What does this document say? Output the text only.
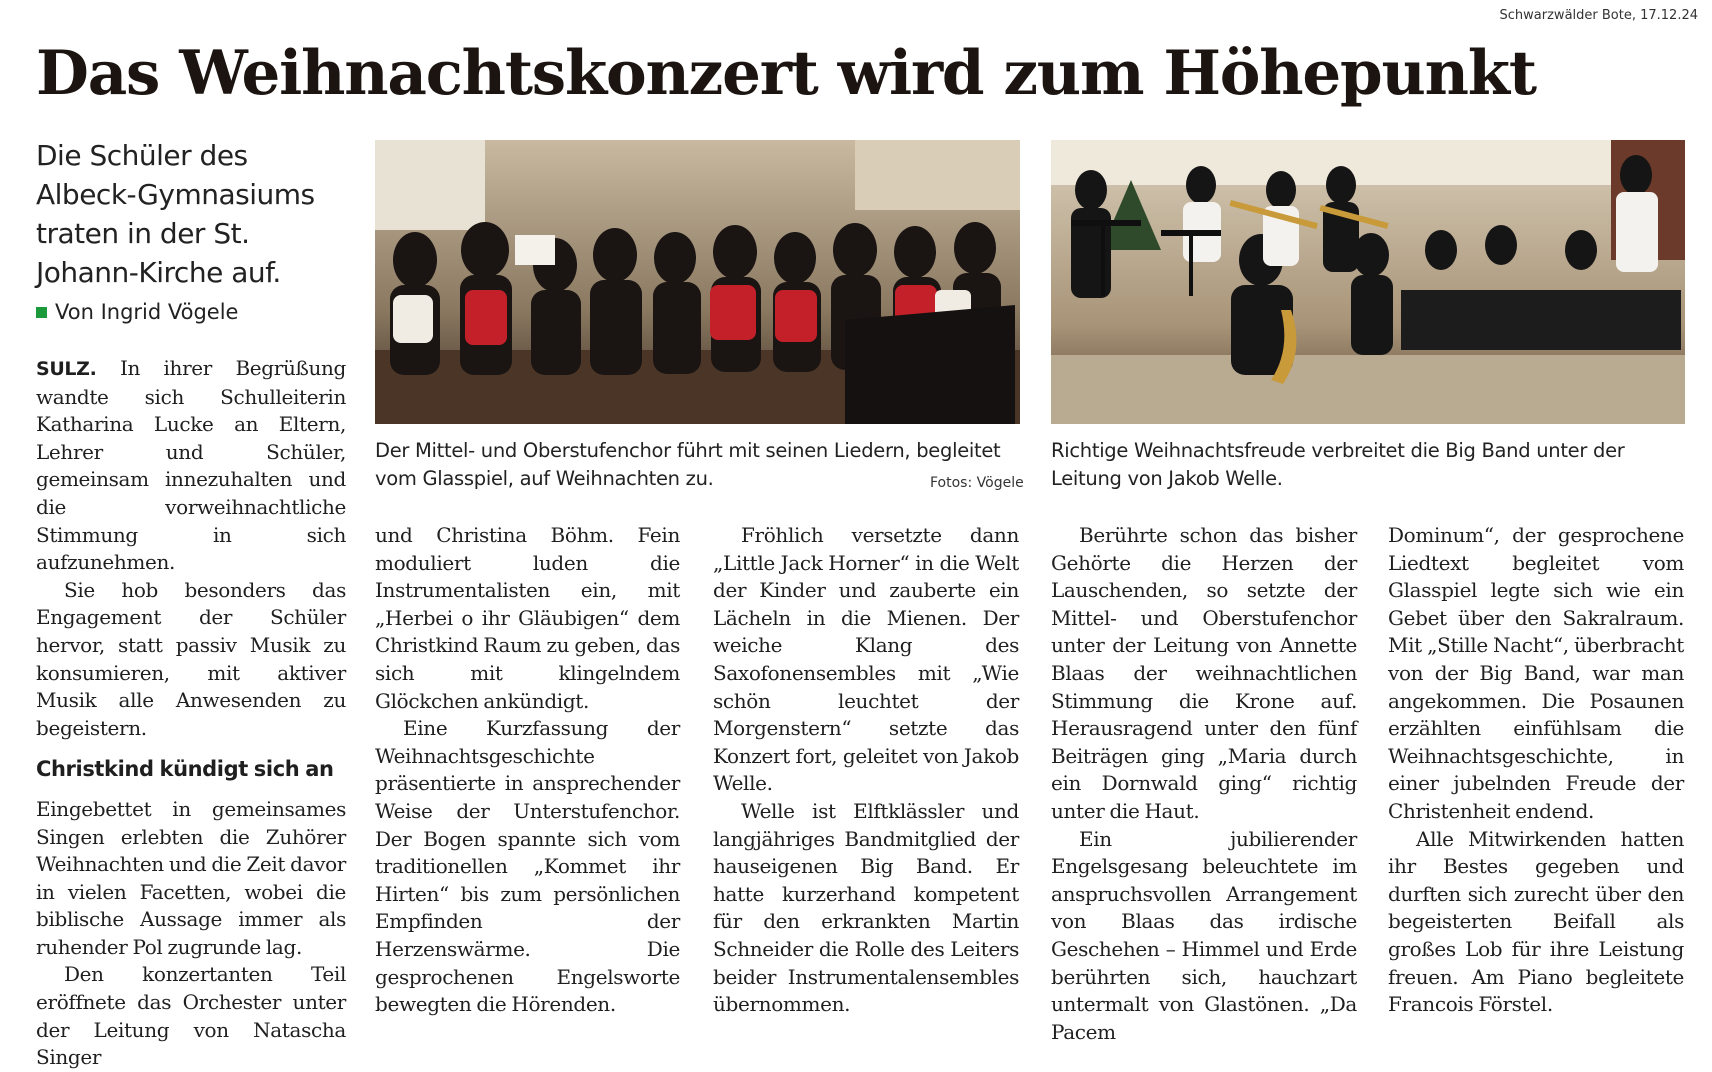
Schwarzwälder Bote, 17.12.24
Das Weihnachtskonzert wird zum Höhepunkt
Die Schüler des Albeck-Gymnasiums traten in der St. Johann-Kirche auf.
Von Ingrid Vögele

SULZ. In ihrer Begrüßung wandte sich Schulleiterin Katharina Lucke an Eltern, Lehrer und Schüler, gemeinsam innezuhalten und die vorweihnachtliche Stimmung in sich aufzunehmen.

Sie hob besonders das Engagement der Schüler hervor, statt passiv Musik zu konsumieren, mit aktiver Musik alle Anwesenden zu begeistern.

Christkind kündigt sich an

Eingebettet in gemeinsames Singen erlebten die Zuhörer Weihnachten und die Zeit davor in vielen Facetten, wobei die biblische Aussage immer als ruhender Pol zugrunde lag.

Den konzertanten Teil eröffnete das Orchester unter der Leitung von Natascha Singer

Der Mittel- und Oberstufenchor führt mit seinen Liedern, begleitet vom Glasspiel, auf Weihnachten zu.	Fotos: Vögele
Richtige Weihnachtsfreude verbreitet die Big Band unter der Leitung von Jakob Welle.

und Christina Böhm. Fein moduliert luden die Instrumentalisten ein, mit „Herbei o ihr Gläubigen“ dem Christkind Raum zu geben, das sich mit klingelndem Glöckchen ankündigt.

Eine Kurzfassung der Weihnachtsgeschichte präsentierte in ansprechender Weise der Unterstufenchor. Der Bogen spannte sich vom traditionellen „Kommet ihr Hirten“ bis zum persönlichen Empfinden der Herzenswärme. Die gesprochenen Engelsworte bewegten die Hörenden.

Fröhlich versetzte dann „Little Jack Horner“ in die Welt der Kinder und zauberte ein Lächeln in die Mienen. Der weiche Klang des Saxofonensembles mit „Wie schön leuchtet der Morgenstern“ setzte das Konzert fort, geleitet von Jakob Welle.

Welle ist Elftklässler und langjähriges Bandmitglied der hauseigenen Big Band. Er hatte kurzerhand kompetent für den erkrankten Martin Schneider die Rolle des Leiters beider Instrumentalensembles übernommen.

Berührte schon das bisher Gehörte die Herzen der Lauschenden, so setzte der Mittel- und Oberstufenchor unter der Leitung von Annette Blaas der weihnachtlichen Stimmung die Krone auf. Herausragend unter den fünf Beiträgen ging „Maria durch ein Dornwald ging“ richtig unter die Haut.

Ein jubilierender Engelsgesang beleuchtete im anspruchsvollen Arrangement von Blaas das irdische Geschehen – Himmel und Erde berührten sich, hauchzart untermalt von Glastönen. „Da Pacem

Dominum“, der gesprochene Liedtext begleitet vom Glasspiel legte sich wie ein Gebet über den Sakralraum. Mit „Stille Nacht“, überbracht von der Big Band, war man angekommen. Die Posaunen erzählten einfühlsam die Weihnachtsgeschichte, in einer jubelnden Freude der Christenheit endend.

Alle Mitwirkenden hatten ihr Bestes gegeben und durften sich zurecht über den begeisterten Beifall als großes Lob für ihre Leistung freuen. Am Piano begleitete Francois Förstel.
